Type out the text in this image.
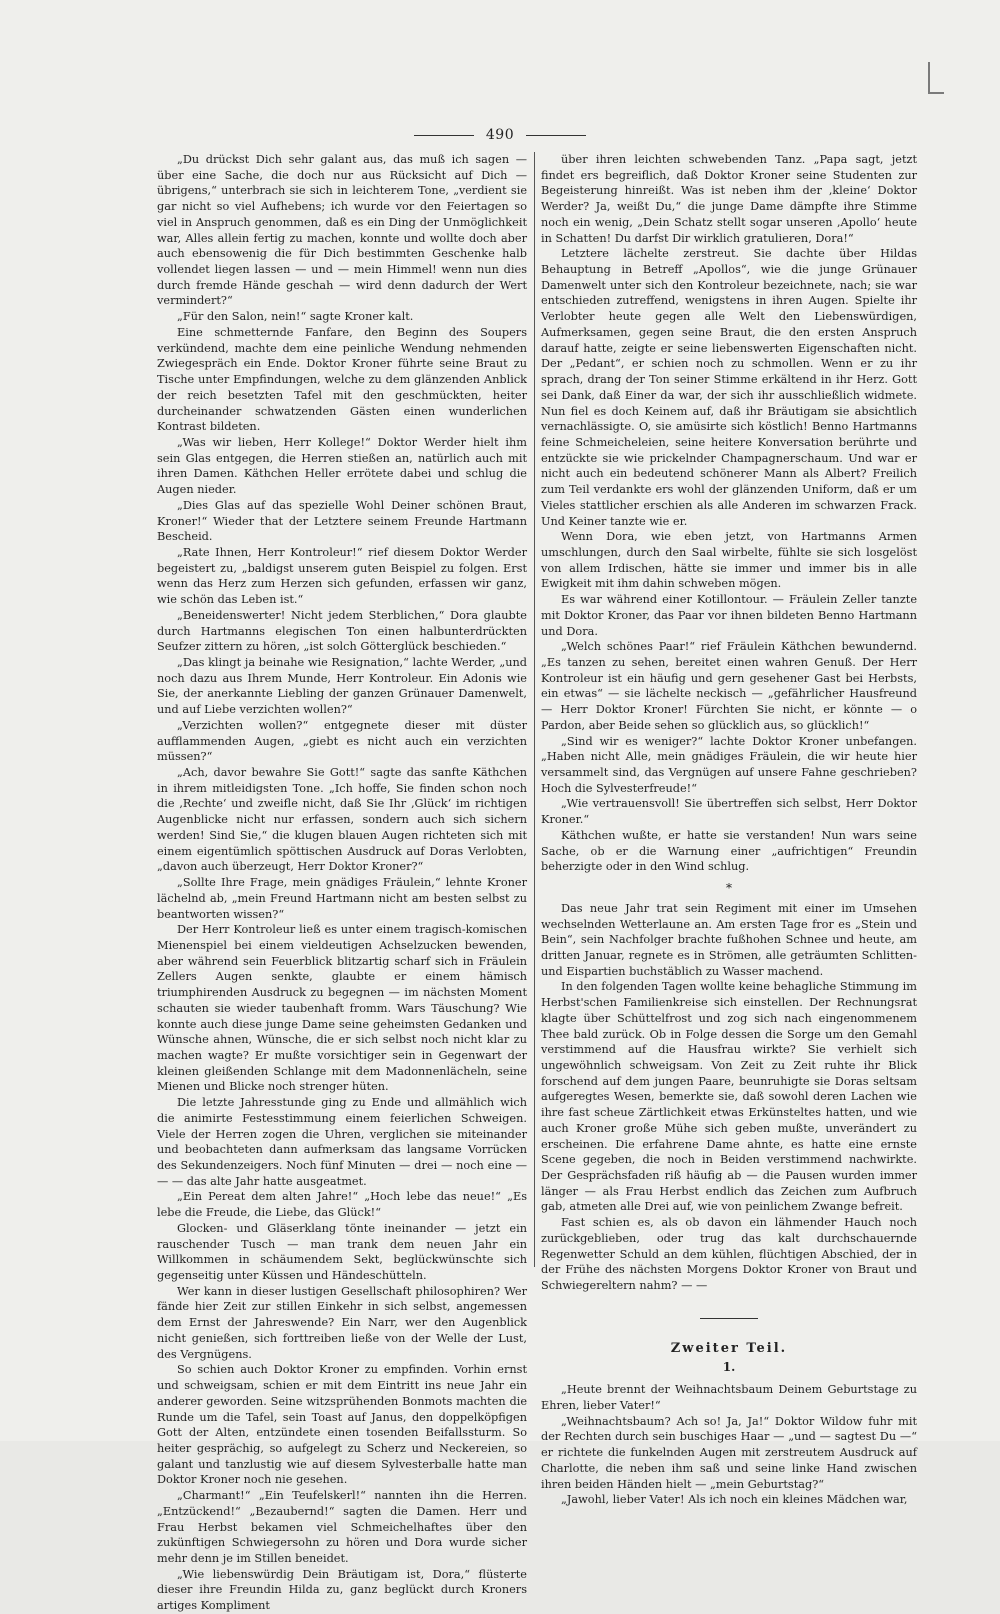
490

„Du drückst Dich sehr galant aus, das muß ich sagen — über eine Sache, die doch nur aus Rücksicht auf Dich — übrigens,“ unterbrach sie sich in leichterem Tone, „verdient sie gar nicht so viel Aufhebens; ich wurde vor den Feiertagen so viel in Anspruch genommen, daß es ein Ding der Unmöglichkeit war, Alles allein fertig zu machen, konnte und wollte doch aber auch ebensowenig die für Dich bestimmten Geschenke halb vollendet liegen lassen — und — mein Himmel! wenn nun dies durch fremde Hände geschah — wird denn dadurch der Wert vermindert?“

„Für den Salon, nein!“ sagte Kroner kalt.

Eine schmetternde Fanfare, den Beginn des Soupers verkündend, machte dem eine peinliche Wendung nehmenden Zwiegespräch ein Ende. Doktor Kroner führte seine Braut zu Tische unter Empfindungen, welche zu dem glänzenden Anblick der reich besetzten Tafel mit den geschmückten, heiter durcheinander schwatzenden Gästen einen wunderlichen Kontrast bildeten.

„Was wir lieben, Herr Kollege!“ Doktor Werder hielt ihm sein Glas entgegen, die Herren stießen an, natürlich auch mit ihren Damen. Käthchen Heller errötete dabei und schlug die Augen nieder.

„Dies Glas auf das spezielle Wohl Deiner schönen Braut, Kroner!“ Wieder that der Letztere seinem Freunde Hartmann Bescheid.

„Rate Ihnen, Herr Kontroleur!“ rief diesem Doktor Werder begeistert zu, „baldigst unserem guten Beispiel zu folgen. Erst wenn das Herz zum Herzen sich gefunden, erfassen wir ganz, wie schön das Leben ist.“

„Beneidenswerter! Nicht jedem Sterblichen,“ Dora glaubte durch Hartmanns elegischen Ton einen halbunterdrückten Seufzer zittern zu hören, „ist solch Götterglück beschieden.“

„Das klingt ja beinahe wie Resignation,“ lachte Werder, „und noch dazu aus Ihrem Munde, Herr Kontroleur. Ein Adonis wie Sie, der anerkannte Liebling der ganzen Grünauer Damenwelt, und auf Liebe verzichten wollen?“

„Verzichten wollen?“ entgegnete dieser mit düster aufflammenden Augen, „giebt es nicht auch ein verzichten müssen?“

„Ach, davor bewahre Sie Gott!“ sagte das sanfte Käthchen in ihrem mitleidigsten Tone. „Ich hoffe, Sie finden schon noch die ‚Rechte‘ und zweifle nicht, daß Sie Ihr ‚Glück‘ im richtigen Augenblicke nicht nur erfassen, sondern auch sich sichern werden! Sind Sie,“ die klugen blauen Augen richteten sich mit einem eigentümlich spöttischen Ausdruck auf Doras Verlobten, „davon auch überzeugt, Herr Doktor Kroner?“

„Sollte Ihre Frage, mein gnädiges Fräulein,“ lehnte Kroner lächelnd ab, „mein Freund Hartmann nicht am besten selbst zu beantworten wissen?“

Der Herr Kontroleur ließ es unter einem tragisch-komischen Mienenspiel bei einem vieldeutigen Achselzucken bewenden, aber während sein Feuerblick blitzartig scharf sich in Fräulein Zellers Augen senkte, glaubte er einem hämisch triumphirenden Ausdruck zu begegnen — im nächsten Moment schauten sie wieder taubenhaft fromm. Wars Täuschung? Wie konnte auch diese junge Dame seine geheimsten Gedanken und Wünsche ahnen, Wünsche, die er sich selbst noch nicht klar zu machen wagte? Er mußte vorsichtiger sein in Gegenwart der kleinen gleißenden Schlange mit dem Madonnenlächeln, seine Mienen und Blicke noch strenger hüten.

Die letzte Jahresstunde ging zu Ende und allmählich wich die animirte Festesstimmung einem feierlichen Schweigen. Viele der Herren zogen die Uhren, verglichen sie miteinander und beobachteten dann aufmerksam das langsame Vorrücken des Sekundenzeigers. Noch fünf Minuten — drei — noch eine — — — das alte Jahr hatte ausgeatmet.

„Ein Pereat dem alten Jahre!“ „Hoch lebe das neue!“ „Es lebe die Freude, die Liebe, das Glück!“

Glocken- und Gläserklang tönte ineinander — jetzt ein rauschender Tusch — man trank dem neuen Jahr ein Willkommen in schäumendem Sekt, beglückwünschte sich gegenseitig unter Küssen und Händeschütteln.

Wer kann in dieser lustigen Gesellschaft philosophiren? Wer fände hier Zeit zur stillen Einkehr in sich selbst, angemessen dem Ernst der Jahreswende? Ein Narr, wer den Augenblick nicht genießen, sich forttreiben ließe von der Welle der Lust, des Vergnügens.

So schien auch Doktor Kroner zu empfinden. Vorhin ernst und schweigsam, schien er mit dem Eintritt ins neue Jahr ein anderer geworden. Seine witzsprühenden Bonmots machten die Runde um die Tafel, sein Toast auf Janus, den doppelköpfigen Gott der Alten, entzündete einen tosenden Beifallssturm. So heiter gesprächig, so aufgelegt zu Scherz und Neckereien, so galant und tanzlustig wie auf diesem Sylvesterballe hatte man Doktor Kroner noch nie gesehen.

„Charmant!“ „Ein Teufelskerl!“ nannten ihn die Herren. „Entzückend!“ „Bezaubernd!“ sagten die Damen. Herr und Frau Herbst bekamen viel Schmeichelhaftes über den zukünftigen Schwiegersohn zu hören und Dora wurde sicher mehr denn je im Stillen beneidet.

„Wie liebenswürdig Dein Bräutigam ist, Dora,“ flüsterte dieser ihre Freundin Hilda zu, ganz beglückt durch Kroners artiges Kompliment

über ihren leichten schwebenden Tanz. „Papa sagt, jetzt findet ers begreiflich, daß Doktor Kroner seine Studenten zur Begeisterung hinreißt. Was ist neben ihm der ‚kleine‘ Doktor Werder? Ja, weißt Du,“ die junge Dame dämpfte ihre Stimme noch ein wenig, „Dein Schatz stellt sogar unseren ‚Apollo‘ heute in Schatten! Du darfst Dir wirklich gratulieren, Dora!“

Letztere lächelte zerstreut. Sie dachte über Hildas Behauptung in Betreff „Apollos“, wie die junge Grünauer Damenwelt unter sich den Kontroleur bezeichnete, nach; sie war entschieden zutreffend, wenigstens in ihren Augen. Spielte ihr Verlobter heute gegen alle Welt den Liebenswürdigen, Aufmerksamen, gegen seine Braut, die den ersten Anspruch darauf hatte, zeigte er seine liebenswerten Eigenschaften nicht. Der „Pedant“, er schien noch zu schmollen. Wenn er zu ihr sprach, drang der Ton seiner Stimme erkältend in ihr Herz. Gott sei Dank, daß Einer da war, der sich ihr ausschließlich widmete. Nun fiel es doch Keinem auf, daß ihr Bräutigam sie absichtlich vernachlässigte. O, sie amüsirte sich köstlich! Benno Hartmanns feine Schmeicheleien, seine heitere Konversation berührte und entzückte sie wie prickelnder Champagnerschaum. Und war er nicht auch ein bedeutend schönerer Mann als Albert? Freilich zum Teil verdankte ers wohl der glänzenden Uniform, daß er um Vieles stattlicher erschien als alle Anderen im schwarzen Frack. Und Keiner tanzte wie er.

Wenn Dora, wie eben jetzt, von Hartmanns Armen umschlungen, durch den Saal wirbelte, fühlte sie sich losgelöst von allem Irdischen, hätte sie immer und immer bis in alle Ewigkeit mit ihm dahin schweben mögen.

Es war während einer Kotillontour. — Fräulein Zeller tanzte mit Doktor Kroner, das Paar vor ihnen bildeten Benno Hartmann und Dora.

„Welch schönes Paar!“ rief Fräulein Käthchen bewundernd. „Es tanzen zu sehen, bereitet einen wahren Genuß. Der Herr Kontroleur ist ein häufig und gern gesehener Gast bei Herbsts, ein etwas“ — sie lächelte neckisch — „gefährlicher Hausfreund — Herr Doktor Kroner! Fürchten Sie nicht, er könnte — o Pardon, aber Beide sehen so glücklich aus, so glücklich!“

„Sind wir es weniger?“ lachte Doktor Kroner unbefangen. „Haben nicht Alle, mein gnädiges Fräulein, die wir heute hier versammelt sind, das Vergnügen auf unsere Fahne geschrieben? Hoch die Sylvesterfreude!“

„Wie vertrauensvoll! Sie übertreffen sich selbst, Herr Doktor Kroner.“

Käthchen wußte, er hatte sie verstanden! Nun wars seine Sache, ob er die Warnung einer „aufrichtigen“ Freundin beherzigte oder in den Wind schlug.

*

Das neue Jahr trat sein Regiment mit einer im Umsehen wechselnden Wetterlaune an. Am ersten Tage fror es „Stein und Bein“, sein Nachfolger brachte fußhohen Schnee und heute, am dritten Januar, regnete es in Strömen, alle geträumten Schlitten- und Eispartien buchstäblich zu Wasser machend.

In den folgenden Tagen wollte keine behagliche Stimmung im Herbst'schen Familienkreise sich einstellen. Der Rechnungsrat klagte über Schüttelfrost und zog sich nach eingenommenem Thee bald zurück. Ob in Folge dessen die Sorge um den Gemahl verstimmend auf die Hausfrau wirkte? Sie verhielt sich ungewöhnlich schweigsam. Von Zeit zu Zeit ruhte ihr Blick forschend auf dem jungen Paare, beunruhigte sie Doras seltsam aufgeregtes Wesen, bemerkte sie, daß sowohl deren Lachen wie ihre fast scheue Zärtlichkeit etwas Erkünsteltes hatten, und wie auch Kroner große Mühe sich geben mußte, unverändert zu erscheinen. Die erfahrene Dame ahnte, es hatte eine ernste Scene gegeben, die noch in Beiden verstimmend nachwirkte. Der Gesprächsfaden riß häufig ab — die Pausen wurden immer länger — als Frau Herbst endlich das Zeichen zum Aufbruch gab, atmeten alle Drei auf, wie von peinlichem Zwange befreit.

Fast schien es, als ob davon ein lähmender Hauch noch zurückgeblieben, oder trug das kalt durchschauernde Regenwetter Schuld an dem kühlen, flüchtigen Abschied, der in der Frühe des nächsten Morgens Doktor Kroner von Braut und Schwiegereltern nahm? — —

Zweiter Teil.
1.

„Heute brennt der Weihnachtsbaum Deinem Geburtstage zu Ehren, lieber Vater!“

„Weihnachtsbaum? Ach so! Ja, Ja!“ Doktor Wildow fuhr mit der Rechten durch sein buschiges Haar — „und — sagtest Du —“ er richtete die funkelnden Augen mit zerstreutem Ausdruck auf Charlotte, die neben ihm saß und seine linke Hand zwischen ihren beiden Händen hielt — „mein Geburtstag?“

„Jawohl, lieber Vater! Als ich noch ein kleines Mädchen war,
